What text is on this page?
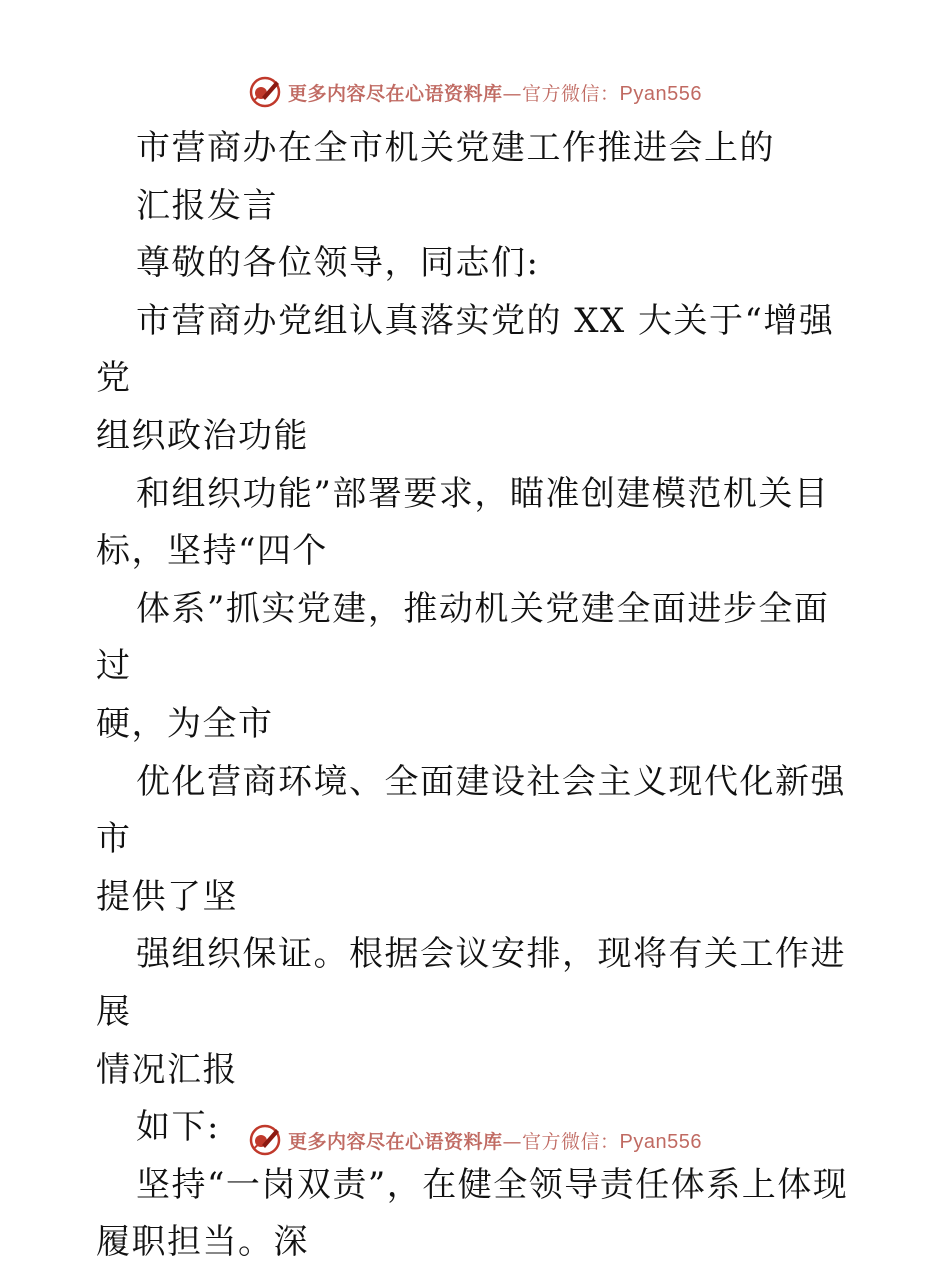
更多内容尽在心语资料库—官方微信：Pyan556

市营商办在全市机关党建工作推进会上的

汇报发言

尊敬的各位领导，同志们:

市营商办党组认真落实党的 XX 大关于“增强党
组织政治功能

和组织功能”部署要求，瞄准创建模范机关目
标，坚持“四个

体系”抓实党建，推动机关党建全面进步全面过
硬，为全市

优化营商环境、全面建设社会主义现代化新强市
提供了坚

强组织保证。根据会议安排，现将有关工作进展
情况汇报

如下:

坚持“一岗双责”，在健全领导责任体系上体现
履职担当。深

更多内容尽在心语资料库—官方微信：Pyan556
